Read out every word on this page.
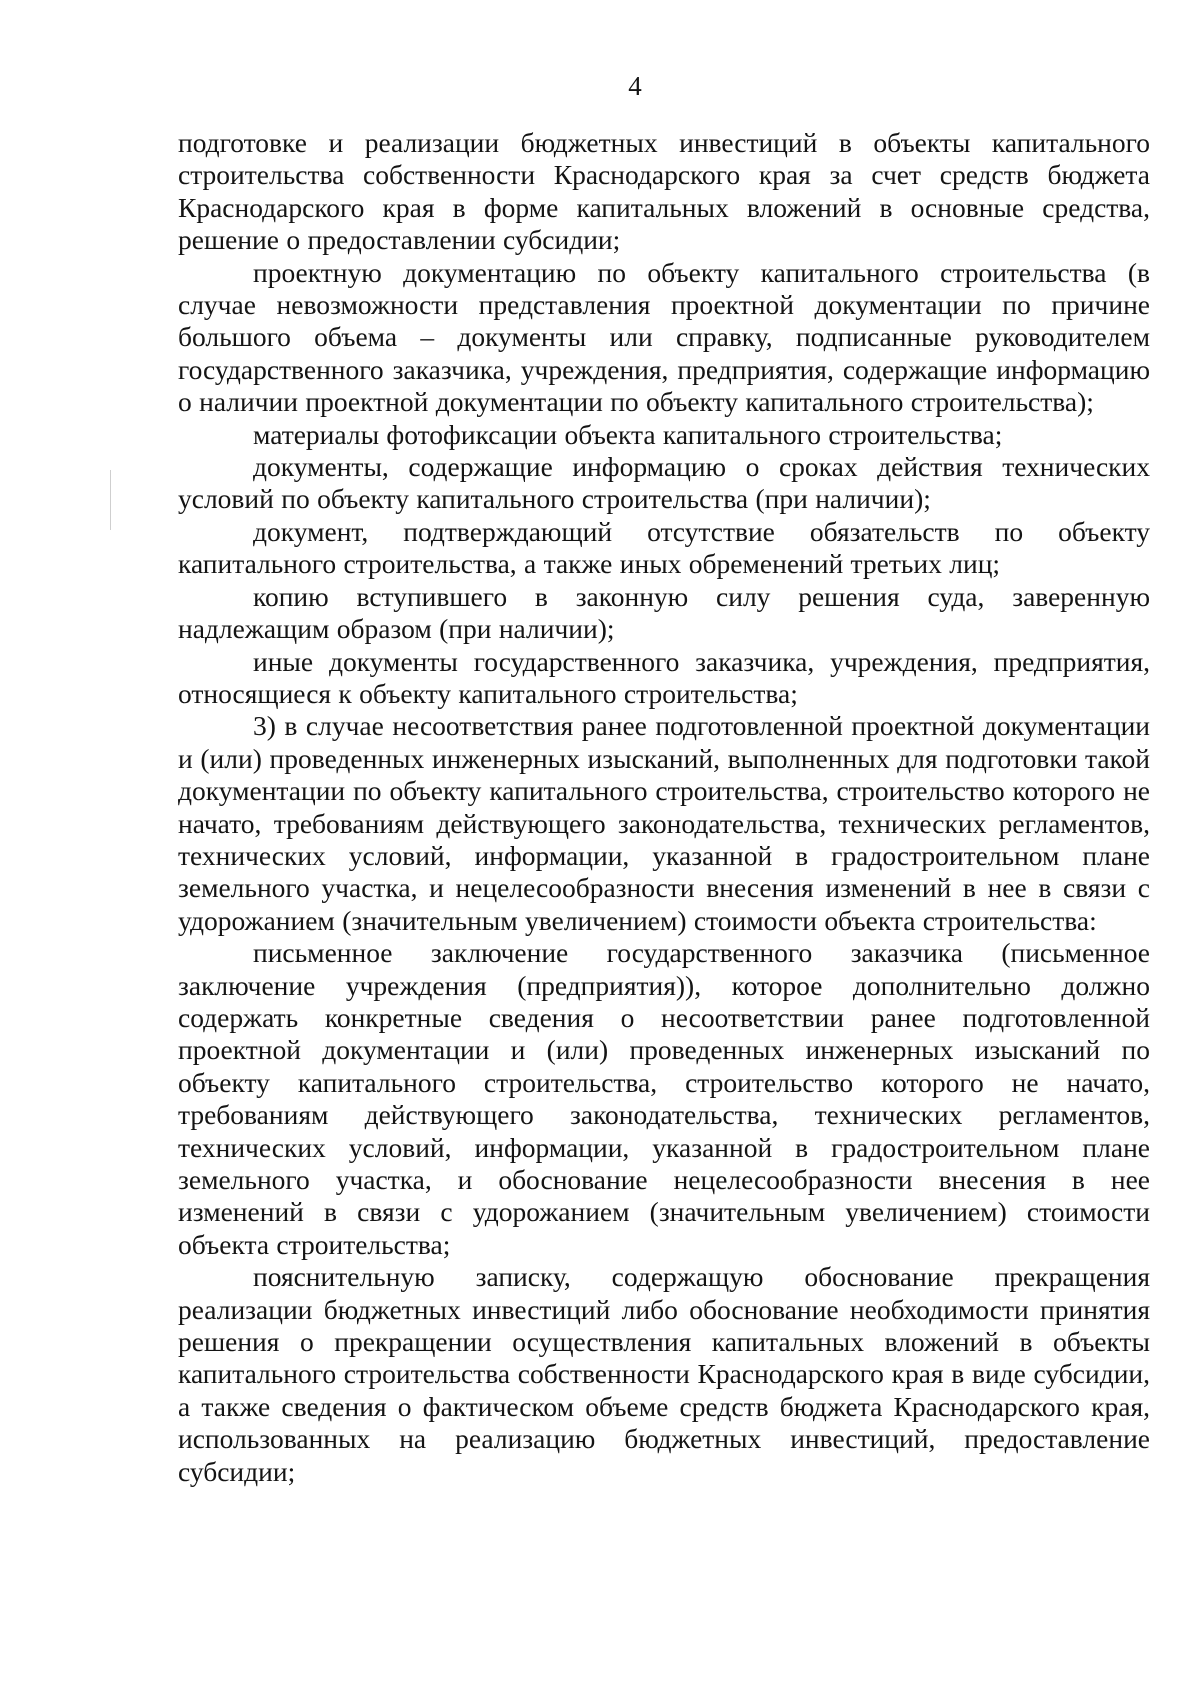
4

подготовке и реализации бюджетных инвестиций в объекты капитального строительства собственности Краснодарского края за счет средств бюджета Краснодарского края в форме капитальных вложений в основные средства, решение о предоставлении субсидии;

проектную документацию по объекту капитального строительства (в случае невозможности представления проектной документации по причине большого объема – документы или справку, подписанные руководителем государственного заказчика, учреждения, предприятия, содержащие информацию о наличии проектной документации по объекту капитального строительства);

материалы фотофиксации объекта капитального строительства;

документы, содержащие информацию о сроках действия технических условий по объекту капитального строительства (при наличии);

документ, подтверждающий отсутствие обязательств по объекту капитального строительства, а также иных обременений третьих лиц;

копию вступившего в законную силу решения суда, заверенную надлежащим образом (при наличии);

иные документы государственного заказчика, учреждения, предприятия, относящиеся к объекту капитального строительства;

3) в случае несоответствия ранее подготовленной проектной документации и (или) проведенных инженерных изысканий, выполненных для подготовки такой документации по объекту капитального строительства, строительство которого не начато, требованиям действующего законодательства, технических регламентов, технических условий, информации, указанной в градостроительном плане земельного участка, и нецелесообразности внесения изменений в нее в связи с удорожанием (значительным увеличением) стоимости объекта строительства:

письменное заключение государственного заказчика (письменное заключение учреждения (предприятия)), которое дополнительно должно содержать конкретные сведения о несоответствии ранее подготовленной проектной документации и (или) проведенных инженерных изысканий по объекту капитального строительства, строительство которого не начато, требованиям действующего законодательства, технических регламентов, технических условий, информации, указанной в градостроительном плане земельного участка, и обоснование нецелесообразности внесения в нее изменений в связи с удорожанием (значительным увеличением) стоимости объекта строительства;

пояснительную записку, содержащую обоснование прекращения реализации бюджетных инвестиций либо обоснование необходимости принятия решения о прекращении осуществления капитальных вложений в объекты капитального строительства собственности Краснодарского края в виде субсидии, а также сведения о фактическом объеме средств бюджета Краснодарского края, использованных на реализацию бюджетных инвестиций, предоставление субсидии;
